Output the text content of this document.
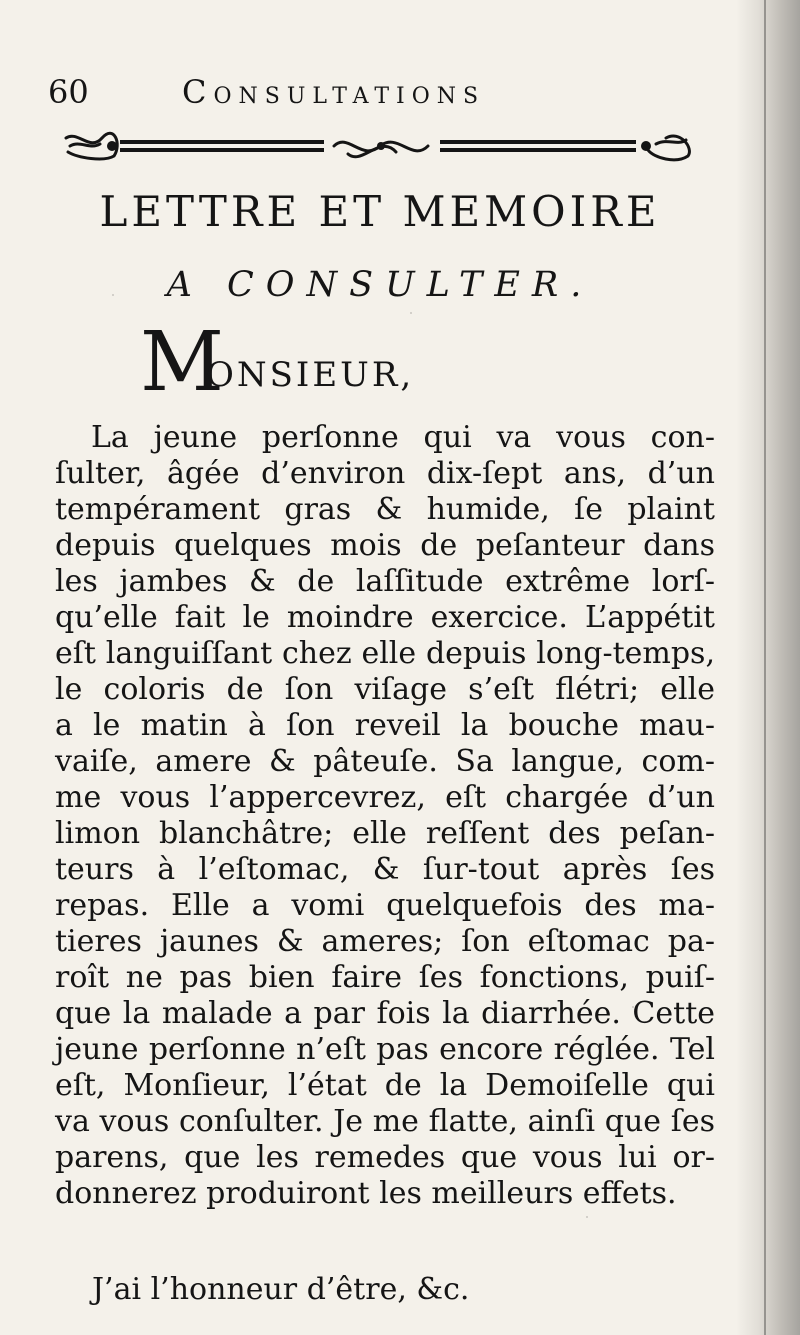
60	Consultations
LETTRE ET MEMOIRE
A CONSULTER.
M
ONSIEUR,
La jeune perſonne qui va vous con-
ſulter, âgée d’environ dix-ſept ans, d’un
tempérament gras & humide, ſe plaint
depuis quelques mois de peſanteur dans
les jambes & de laſſitude extrême lorſ-
qu’elle fait le moindre exercice. L’appétit
eſt languiſſant chez elle depuis long-temps,
le coloris de ſon viſage s’eſt flétri; elle
a le matin à ſon reveil la bouche mau-
vaiſe, amere & pâteuſe. Sa langue, com-
me vous l’appercevrez, eſt chargée d’un
limon blanchâtre; elle reſſent des peſan-
teurs à l’eſtomac, & ſur-tout après ſes
repas. Elle a vomi quelquefois des ma-
tieres jaunes & ameres; ſon eſtomac pa-
roît ne pas bien faire ſes fonctions, puiſ-
que la malade a par fois la diarrhée. Cette
jeune perſonne n’eſt pas encore réglée. Tel
eſt, Monſieur, l’état de la Demoiſelle qui
va vous conſulter. Je me flatte, ainſi que ſes
parens, que les remedes que vous lui or-
donnerez produiront les meilleurs effets.
J’ai l’honneur d’être, &c.
